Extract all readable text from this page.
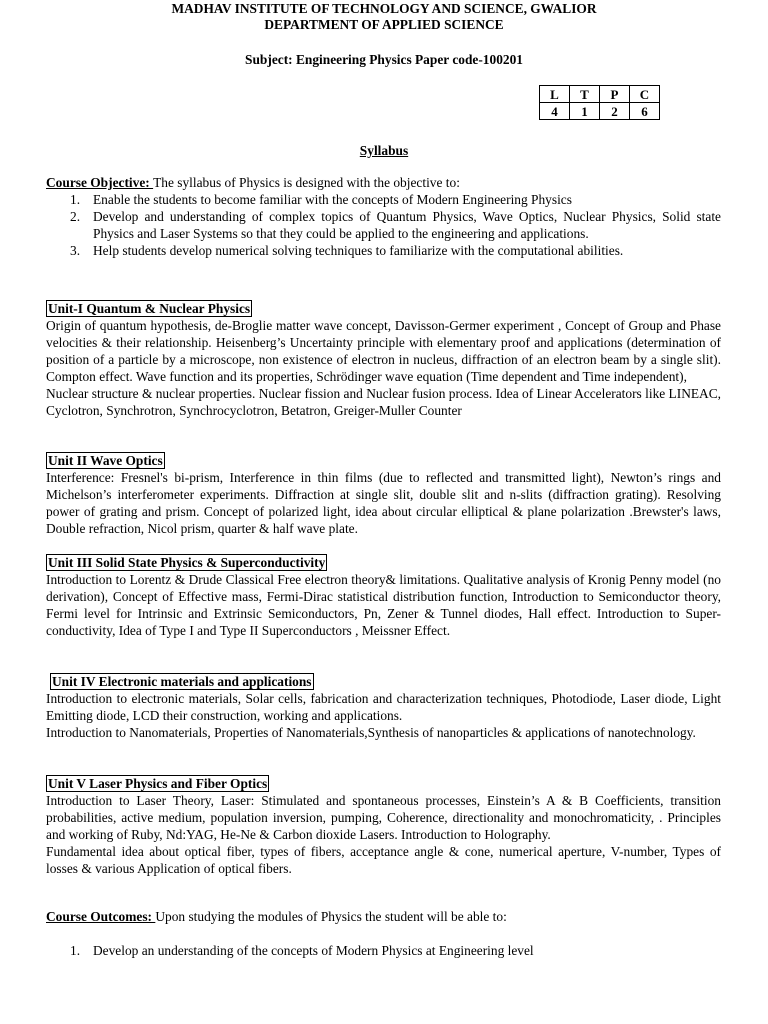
MADHAV INSTITUTE OF TECHNOLOGY AND SCIENCE, GWALIOR
DEPARTMENT OF APPLIED SCIENCE
Subject: Engineering Physics Paper code-100201
L	T	P	C
4	1	2	6
Syllabus

Course Objective: The syllabus of Physics is designed with the objective to:

1. Enable the students to become familiar with the concepts of Modern Engineering Physics
2. Develop and understanding of complex topics of Quantum Physics, Wave Optics, Nuclear Physics, Solid state Physics and Laser Systems so that they could be applied to the engineering and applications.
3. Help students develop numerical solving techniques to familiarize with the computational abilities.
Unit-I Quantum & Nuclear Physics

Origin of quantum hypothesis, de-Broglie matter wave concept, Davisson-Germer experiment , Concept of Group and Phase velocities & their relationship. Heisenberg’s Uncertainty principle with elementary proof and applications (determination of position of a particle by a microscope, non existence of electron in nucleus, diffraction of an electron beam by a single slit). Compton effect. Wave function and its properties, Schrödinger wave equation (Time dependent and Time independent),

Nuclear structure & nuclear properties. Nuclear fission and Nuclear fusion process. Idea of Linear Accelerators like LINEAC, Cyclotron, Synchrotron, Synchrocyclotron, Betatron, Greiger-Muller Counter

Unit II Wave Optics

Interference: Fresnel's bi-prism, Interference in thin films (due to reflected and transmitted light), Newton’s rings and Michelson’s interferometer experiments. Diffraction at single slit, double slit and n-slits (diffraction grating). Resolving power of grating and prism. Concept of polarized light, idea about circular elliptical & plane polarization .Brewster's laws, Double refraction, Nicol prism, quarter & half wave plate.

Unit III Solid State Physics & Superconductivity

Introduction to Lorentz & Drude Classical Free electron theory& limitations. Qualitative analysis of Kronig Penny model (no derivation), Concept of Effective mass, Fermi-Dirac statistical distribution function, Introduction to Semiconductor theory, Fermi level for Intrinsic and Extrinsic Semiconductors, Pn, Zener & Tunnel diodes, Hall effect. Introduction to Super-conductivity, Idea of Type I and Type II Superconductors , Meissner Effect.

Unit IV Electronic materials and applications

Introduction to electronic materials, Solar cells, fabrication and characterization techniques, Photodiode, Laser diode, Light Emitting diode, LCD their construction, working and applications.

Introduction to Nanomaterials, Properties of Nanomaterials,Synthesis of nanoparticles & applications of nanotechnology.

Unit V Laser Physics and Fiber Optics

Introduction to Laser Theory, Laser: Stimulated and spontaneous processes, Einstein’s A & B Coefficients, transition probabilities, active medium, population inversion, pumping, Coherence, directionality and monochromaticity, . Principles and working of Ruby, Nd:YAG, He-Ne & Carbon dioxide Lasers. Introduction to Holography.

Fundamental idea about optical fiber, types of fibers, acceptance angle & cone, numerical aperture, V-number, Types of losses & various Application of optical fibers.

Course Outcomes: Upon studying the modules of Physics the student will be able to:

1. Develop an understanding of the concepts of Modern Physics at Engineering level
